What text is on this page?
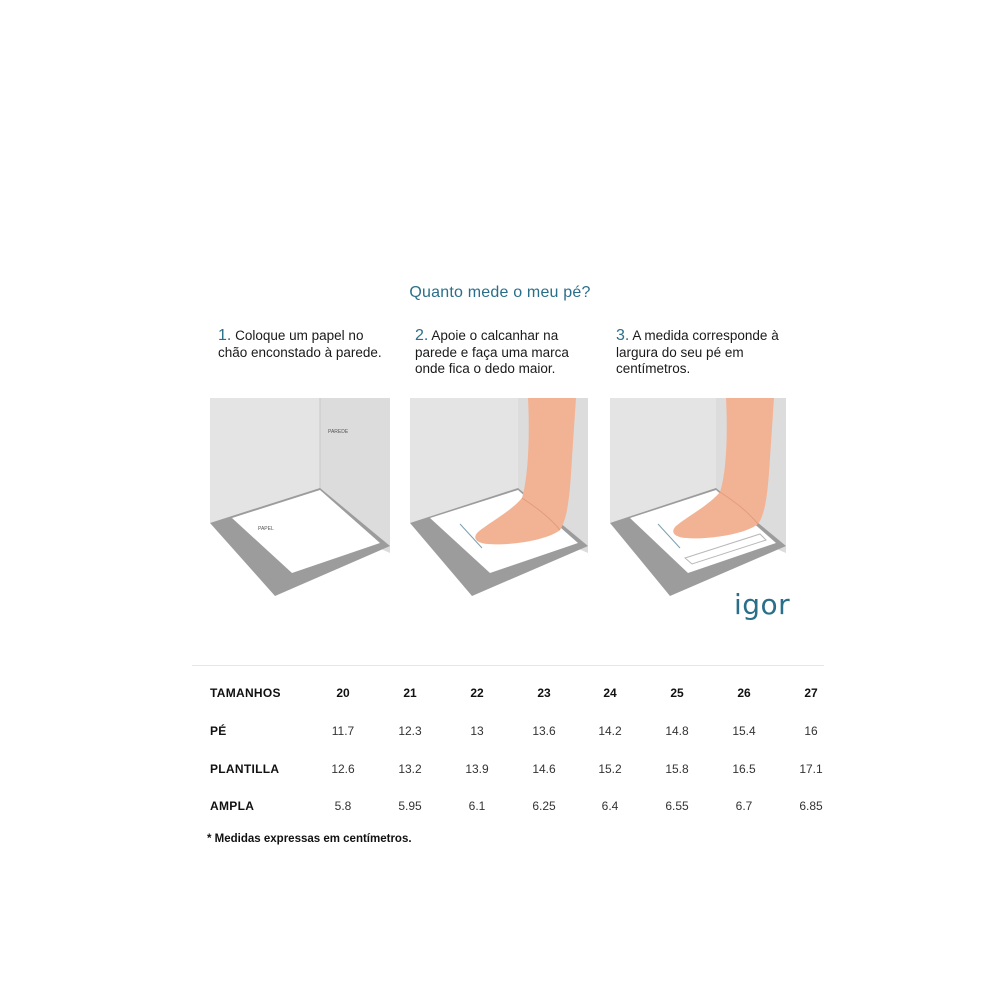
Quanto mede o meu pé?
1. Coloque um papel no chão enconstado à parede.
2. Apoie o calcanhar na parede e faça uma marca onde fica o dedo maior.
3. A medida corresponde à largura do seu pé em centímetros.
PAREDE
PAPEL
igor
TAMANHOS	20	21	22	23	24	25	26	27
PÉ	11.7	12.3	13	13.6	14.2	14.8	15.4	16
PLANTILLA	12.6	13.2	13.9	14.6	15.2	15.8	16.5	17.1
AMPLA	5.8	5.95	6.1	6.25	6.4	6.55	6.7	6.85
* Medidas expressas em centímetros.
